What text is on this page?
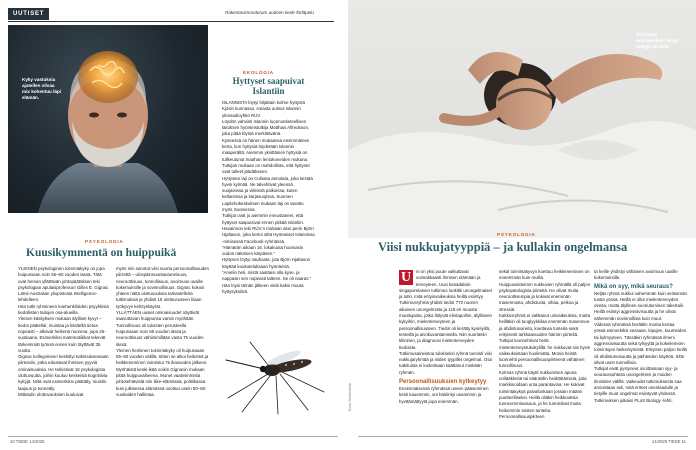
UUTISET	Rakentavimmotorum uutinen tiede förläpelu
Kyky vastuksia ajatellen vilvaa mix kohentuu läpi elämän.
PSYKOLOGIA
Kuusikymmentä on huippuikä

YLEINEN psykologinen toimintakyky on jopa huipussaan noin 55–60 vuoden iässä. Tätä ovat heman yllättävän johtopäätöksen teki psykologian apulaisprofessori Gilles E. Gignac Länsi-Australian yliopistosta Intelligence-lehdelleen.

Hän tutki ryhmineen koehenkilöiden psyykkisiä tiedollisten taitojen osa-alueilla.

Yleisen käsityksen mukaan älylliset kyvyt – tiedot päätellal, muistaa ja käsitellä tietoa nopeasti – alkavat heikenä nuorena, jopa 25-vuotiaana. Esimerkiksi matematiikkat tekevät tärkeimmät työnsä ennen kuin täyttävät 35 vuotta.

Gignac kollegoineen keskittyi tutkimuksessaan piirteisiin, jotka edustavat ihmisen pyyviä ominaisuuksia. He tarkistivat 16 psykologista ulottuvuutta, joihin kuuluu keskeisiä kognitiivia kykyjä. Niitä ovat esimerkiksi päättäly, muistin laajuus ja tunneäly.

Mittatulin ulottuvuuksien kuuluivat

myös niin sanotut viisi suurta persoonallisuuden piirrettä – ulospäinsuuntautuneisuus, neuroottisuus, tunnollisuus, avoimuus uusille kokemuksille ja sovinnollisuus. Gignac kokosi yhteen näitä ulottuvuuksia tarkastelleita tutkimuksia ja yhdisti 16 ulottuvuuteen liiaan työkyvyn kehityskäyrät.

YLLÄTTÄEN uusiet ominaisuudet näyttivät saavuttavan huippunsa varsin myöhään. Tunnollisuus oli tuloisten perusteella huipussaan noin 65 vuoden iässä ja neuroottisuus vähiimmillään vasta 75 vuoden iässä.

Yleinen henkinen toimintakyky oli huipussaan 55–60 vuoden välillä. Sitten se alkoi heiketnä ja heikkeneminen voimistui 75 ikavuoden jälkeen.

Myöhäistä keski-ikää voikin Gignacin mukaan pitää huippuvaiheena. Monet vaativimmista johtotehtävistä niin liike-elämässä, politiikassa kuin julkisessa elämässä osottuu usein 50–60-vuotiaiden hallintaa.

EKOLOGIA
Hyttyset saapuivat Islantiin

ISLANNISTA löytyi hiljattain kolme hyttystä Kjósin kunnassa. Asiasta uutisoi Islannin yleisradioyhtiö RÚV.

Löydön vahvisti Islannin luonnontieteellisen laitoksen hyönteistutkija Matthias Alfredsson, joka pitää löytöä merkittävänä.

Kyseessä on hänen mukaansa ensimmäinen kerta, kun hyttysiä löydetään Islannin maaperältä. Aiemmin yksittäinen hyttysiä on tullkeutunut maahan lentokoneiden mukana.

Tutkijan mukaan on mahdollista, että hyttyset ovat tulleet jäädäkseen.

Hyttysten laji on Culiseta annulata, joka kestää hyvin kylmää. Ne talvehtivat yleensä suojaisissa ja viileissä paikoissa, kuten kellareissa ja karjasuojissa. Suomen Lapitehokeskuksen mukaan laji on tavattu myös Suomessa.

Tutkijat ovat jo aiemmin ennustaneet, että hyttyset saapuisivat ennen pitkää Islantiin.

Havainnon teki RÚV:n mukaan alun perin Björn Hjaltason, joka kertoi sittä Hyönteiset Islannissa -nimisessä Facebook-ryhmässä.

“Hämärän aikaan 16. lokakuuta huomasin oudon näköisen kärpäsen.”

Hyttysen löytyi nauhasta, jota Björn Hjaltason käyttää koukuteluksaan hyönteisiä.

“Arvelin heti, mistä saattaisi olla kyse, ja nappasin sen nopeasti talteen. Se oli naaras.”

Hän löysi tämän jälkeen vielä kaksi muuta hyttysyksilöä.

10 TIEDE 14/2025
Erilaisten unvaikeuksin liittyy tiettyjä piirteitä.
Kuva: Shutterstock
PSYKOLOGIA
Viisi nukkujatyyppiä – ja kullakin ongelmansa
U	ni on yksi puute vaikuttavat voimakkaasti ihmisen elämään ja terveyteen. Uusi kanadalais-singaporelainen tutkimus luokittii unongelmaiset ja tutki, mitä erityisvaikeuksia heillä esiintyy.

Tutkimusryhmä yhdisti tiedot 770 nuoren aikuisen unongelmista ja 118 eri muusta muuttujasta, jotka liittyvät elintapoihin, älylliseen kykyihin, mielenterveyteen ja persoonallisuuteen. Tiedot oli kerätty kyselyillä, testeillä ja aivokuvantamisella. Niin suoritetiin kliininen, ja diagnoosi mielenterveyden tiedoista.

Tutkimusaineistoa tulokseksi ryhmä tunnisti viisi nukkujaryhmää ja niiden tyypillet ongelmat. Osa tutkituista ei kuitenkaan taiättanut minkään ryhmän.

Persoonallisuuksien kytkeytyy

Ensimmäisessä ryhmässä uneen pääseminen kesti kauemmin, uni häiriintyi useammin ja hyvttämättyytä jopa enemmän.

sekal toimintakyvyn koettuu heikkeneminen on eneemmän kuin muilla.

Huippuvaisteimm nukkuvien ryhmällä oli paljon psykopatologisia piirteitä. He olivat muita neuroottisempia ja kokivat enemmän masennusta, ahdistusta, vihaa, pelkoa ja stressiä.

Kakkosryhmä ei valittanut univaikeuksia, mutta heilläkin oli tuoglyykkilaa enemmän masennus- ja ahdistusoireita, koettavia tunteita sekä erityisesti tarkkaavuuden häiriön piirteitä. Tutkijat luonnehtivat heitä mielenterveystukokylillä: he nukkuvat siis hyvin vaikeuksistaan huolimatta. Monia heistä luonnehti persoonallisuuspiirteenä vähäinen tunnollisuus.

Kolmas ryhmä käytti nukkumisen apuna unilääkkeitä tai sääntöilin heidtättämisiä, joita markkinoidaan unta parantavina. He kokivat toimintakykyä paivafunkaan jossain määrin puutteelliseksi. Heillä oliäkin heikkouksia tunneomminaisuus, ja he tunnistivat muita heikommin toisten tunteita. Persoonallisuuspiirteen

ta heille yhdistyi vähäinen avoimuus uusille kokemuksille.

Mikä on syy, mikä seuraus?

Neljäs ryhmä nukkui vahemmän kuin seitsemän tuntia yössä. Heillä ei ollut mielenterveyden oireita, mutta älyllinen suoriutuminen takertaili. Heillä esiintyi aggressiivisuutta ja he olivat vähemmän sovinnollisia kuin muut.

Viidessä ryhmässä herättiin monta kertaa yössä esimerkiksi vessaan, kipujen, kuumeiden tai kylmyyteen. Tässäkin ryhmässä ilmeni aggressiivisuutta sekä tylsyyttä ja kokeilemsen toimintojen heikentymistä. Erityisen paljon heillä oli ahdistuneisuutta ja päihteiden käyttöä. Sitte silvat unen tunnollisia.

Tutkijat eivät pystyneet osoittamaan syy- ja seuraussuhteita unongelmien ja muiden ilmiöiden välillä. Vaikeudet tutkimuksesta saa arvioistaan seli, mitä eriteet unenlaadulle ja tietyille muut ongelmat esiintyvät yhdessä. Tutkimuksen julkaisi PLoS Biology -lehti.

14/2025 TIEDE 11
